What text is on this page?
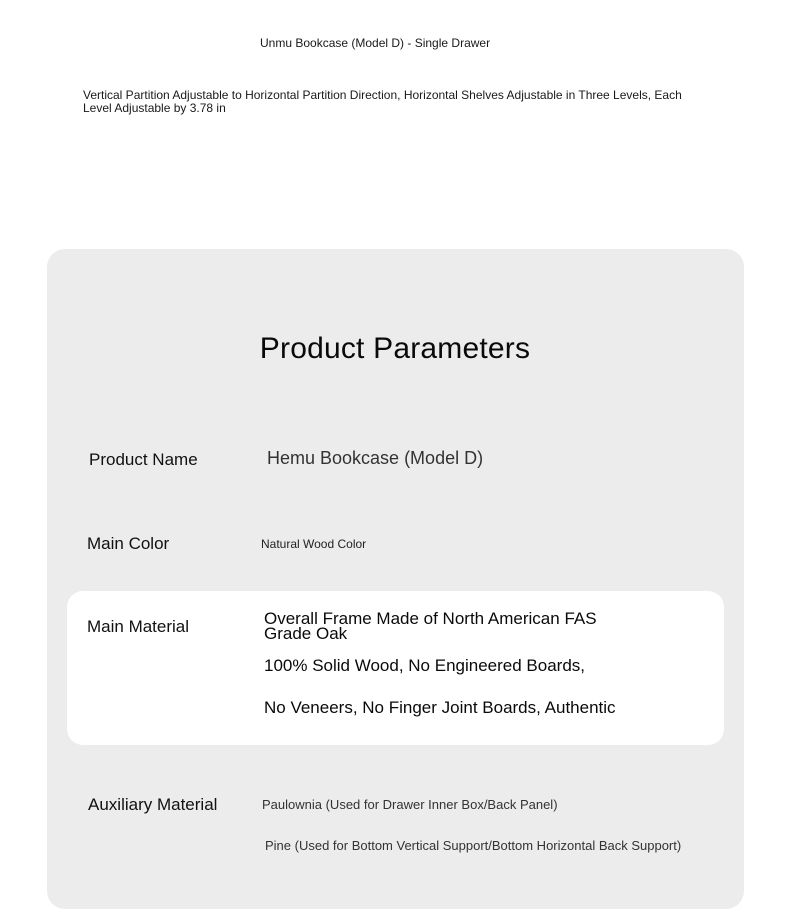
Unmu Bookcase (Model D) - Single Drawer
Vertical Partition Adjustable to Horizontal Partition Direction, Horizontal Shelves Adjustable in Three Levels, Each Level Adjustable by 3.78 in
Product Parameters
Product Name	Hemu Bookcase (Model D)
Main Color	Natural Wood Color
Main Material	Overall Frame Made of North American FAS Grade Oak
100% Solid Wood, No Engineered Boards,
No Veneers, No Finger Joint Boards, Authentic
Auxiliary Material	Paulownia (Used for Drawer Inner Box/Back Panel)
Pine (Used for Bottom Vertical Support/Bottom Horizontal Back Support)
